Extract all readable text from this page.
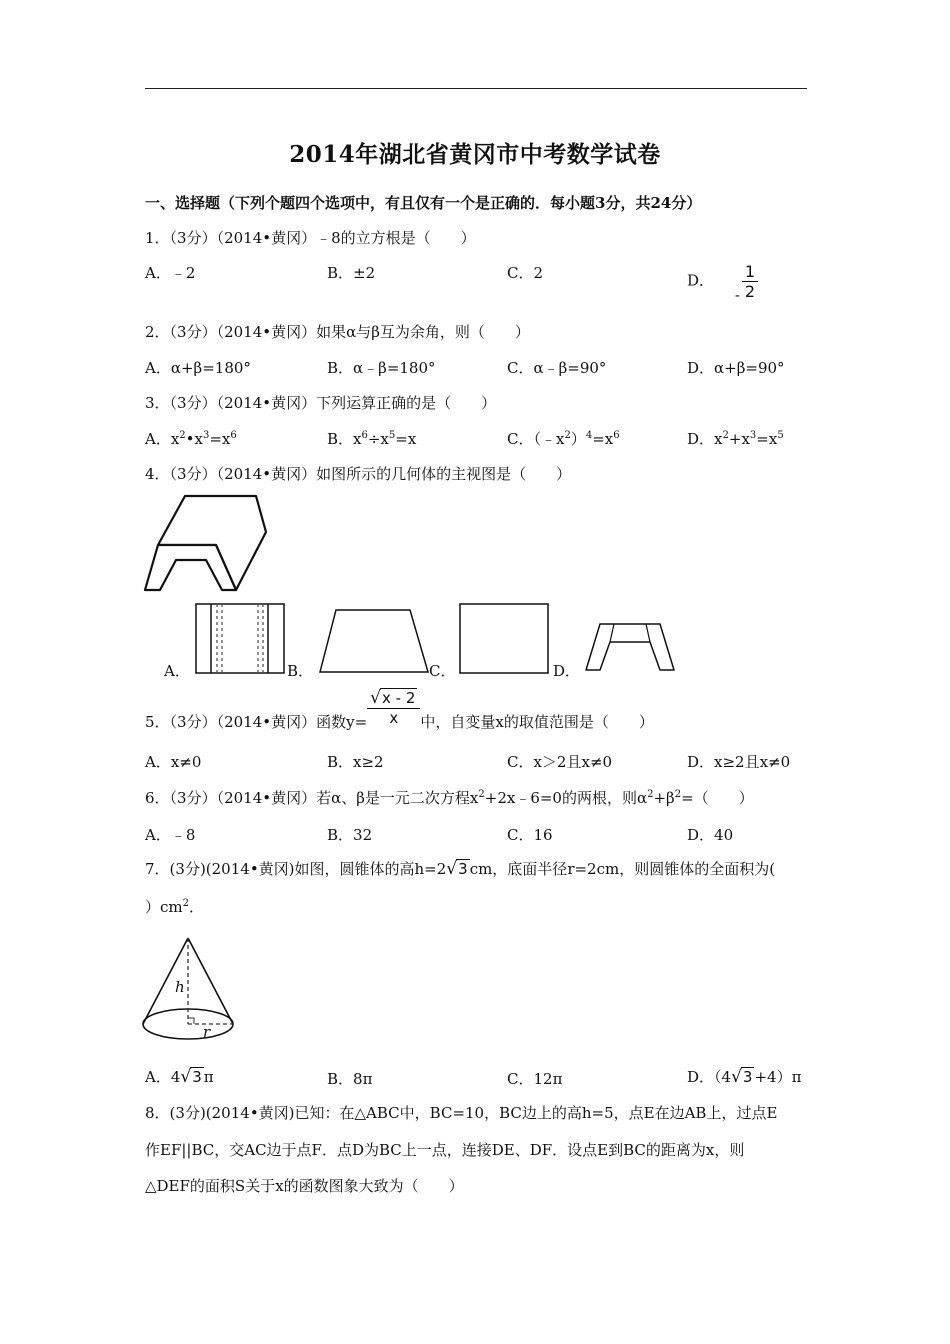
2014年湖北省黄冈市中考数学试卷
一、选择题（下列个题四个选项中，有且仅有一个是正确的．每小题3分，共24分）
1．（3分）（2014•黄冈）﹣8的立方根是（　　）
A．﹣2	B．±2	C．2	D． - $\frac{1}{2}$
2．（3分）（2014•黄冈）如果α与β互为余角，则（　　）
A．α+β=180°	B．α﹣β=180°	C．α﹣β=90°	D．α+β=90°
3．（3分）（2014•黄冈）下列运算正确的是（　　）
A．$x^2•x^3=x^6$	B．$x^6\div x^5=x$	C．$(﹣x^2)^4=x^6$	D．$x^2+x^3=x^5$
4．（3分）（2014•黄冈）如图所示的几何体的主视图是（　　）
A．	B．	C．	D．
5．（3分）（2014•黄冈）函数$y= \frac{√x - 2}{x}$ 中，自变量x的取值范围是（　　）
A．x≠0	B．x≥2	C．x＞2且x≠0	D．x≥2且x≠0
6．（3分）（2014•黄冈）若α、β是一元二次方程$x^2+2x﹣6=0$的两根，则$\alpha^2+\beta^2=$（　　）
A．﹣8	B．32	C．16	D．40
7．(3分)(2014•黄冈)如图，圆锥体的高h=2√3 cm，底面半径r=2cm，则圆锥体的全面积为(
）$cm^2$．
h
r
A．4√3 π	B．8π	C．12π	D．（4√3 +4）π
8．(3分)(2014•黄冈)已知：在△ABC中，BC=10，BC边上的高h=5，点E在边AB上，过点E
作EF||BC，交AC边于点F．点D为BC上一点，连接DE、DF．设点E到BC的距离为x，则
△DEF的面积S关于x的函数图象大致为（　　）
